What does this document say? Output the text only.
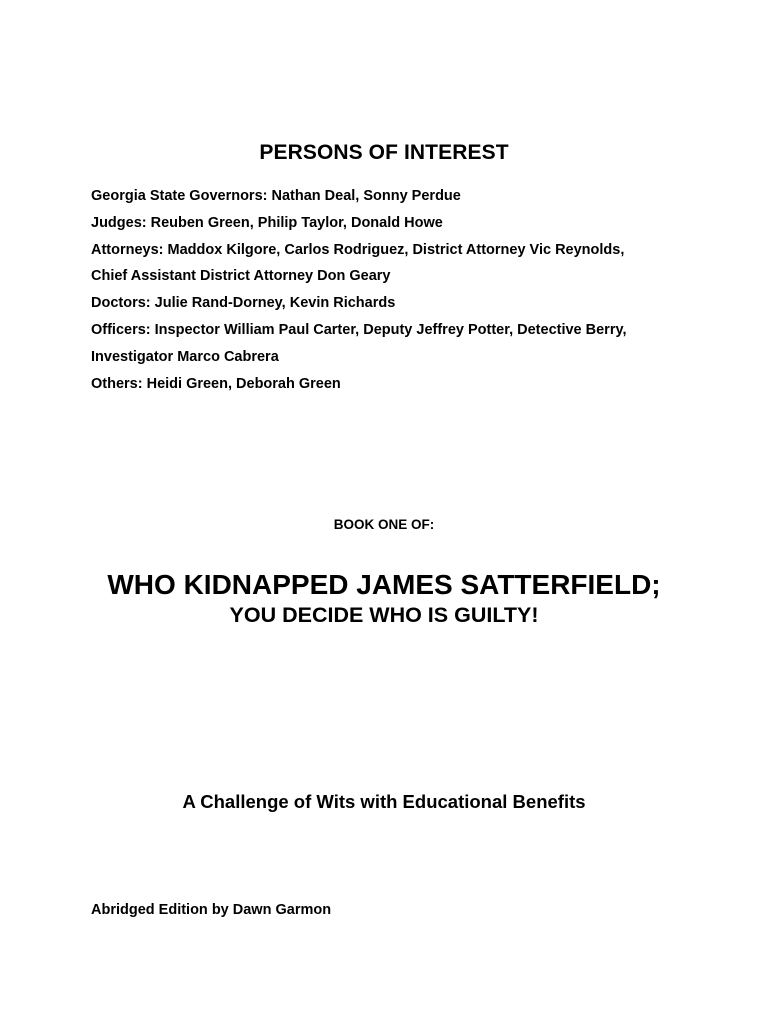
PERSONS OF INTEREST
Georgia State Governors: Nathan Deal, Sonny Perdue
Judges: Reuben Green, Philip Taylor, Donald Howe
Attorneys: Maddox Kilgore, Carlos Rodriguez, District Attorney Vic Reynolds,
Chief Assistant District Attorney Don Geary
Doctors: Julie Rand-Dorney, Kevin Richards
Officers: Inspector William Paul Carter, Deputy Jeffrey Potter, Detective Berry,
Investigator Marco Cabrera
Others: Heidi Green, Deborah Green
BOOK ONE OF:
WHO KIDNAPPED JAMES SATTERFIELD;
YOU DECIDE WHO IS GUILTY!
A Challenge of Wits with Educational Benefits
Abridged Edition by Dawn Garmon
